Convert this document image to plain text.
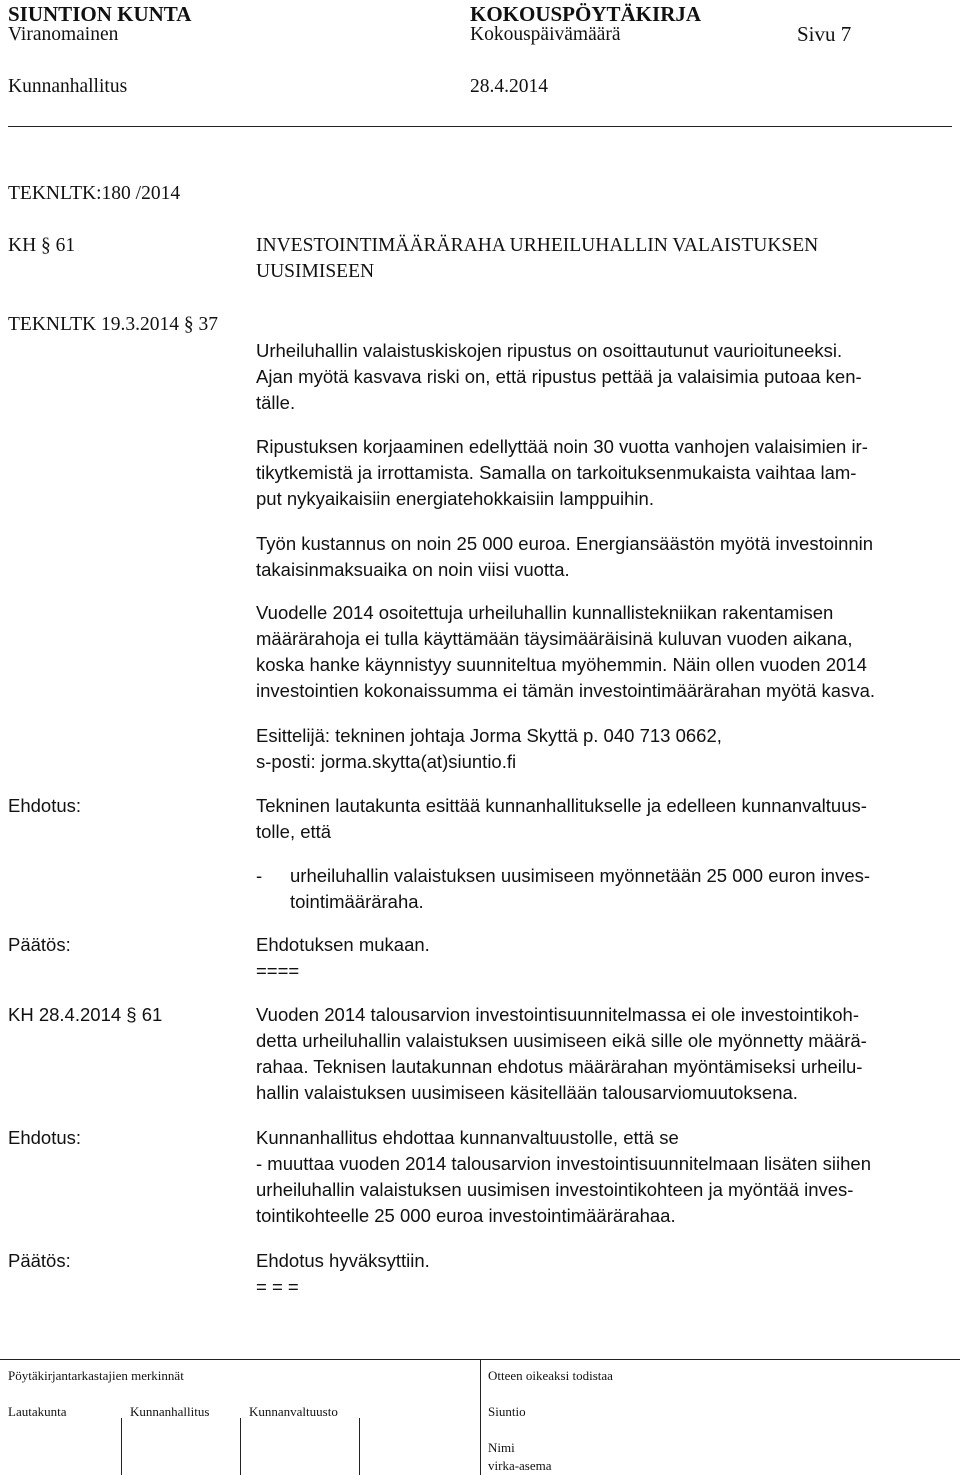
SIUNTION KUNTA	KOKOUSPÖYTÄKIRJA
Viranomainen	Kokouspäivämäärä	Sivu 7
Kunnanhallitus	28.4.2014
TEKNLTK:180 /2014
KH § 61	INVESTOINTIMÄÄRÄRAHA URHEILUHALLIN VALAISTUKSEN
UUSIMISEEN
TEKNLTK 19.3.2014 § 37
Urheiluhallin valaistuskiskojen ripustus on osoittautunut vaurioituneeksi.
Ajan myötä kasvava riski on, että ripustus pettää ja valaisimia putoaa ken-
tälle.
Ripustuksen korjaaminen edellyttää noin 30 vuotta vanhojen valaisimien ir-
tikytkemistä ja irrottamista. Samalla on tarkoituksenmukaista vaihtaa lam-
put nykyaikaisiin energiatehokkaisiin lamppuihin.
Työn kustannus on noin 25 000 euroa. Energiansäästön myötä investoinnin
takaisinmaksuaika on noin viisi vuotta.
Vuodelle 2014 osoitettuja urheiluhallin kunnallistekniikan rakentamisen
määrärahoja ei tulla käyttämään täysimääräisinä kuluvan vuoden aikana,
koska hanke käynnistyy suunniteltua myöhemmin. Näin ollen vuoden 2014
investointien kokonaissumma ei tämän investointimäärärahan myötä kasva.
Esittelijä: tekninen johtaja Jorma Skyttä p. 040 713 0662,
s-posti: jorma.skytta(at)siuntio.fi
Ehdotus:	Tekninen lautakunta esittää kunnanhallitukselle ja edelleen kunnanvaltuus-
tolle, että
- urheiluhallin valaistuksen uusimiseen myönnetään 25 000 euron inves-
tointimääräraha.
Päätös:	Ehdotuksen mukaan.
====
KH 28.4.2014 § 61	Vuoden 2014 talousarvion investointisuunnitelmassa ei ole investointikoh-
detta urheiluhallin valaistuksen uusimiseen eikä sille ole myönnetty määrä-
rahaa. Teknisen lautakunnan ehdotus määrärahan myöntämiseksi urheilu-
hallin valaistuksen uusimiseen käsitellään talousarviomuutoksena.
Ehdotus:	Kunnanhallitus ehdottaa kunnanvaltuustolle, että se
- muuttaa vuoden 2014 talousarvion investointisuunnitelmaan lisäten siihen
urheiluhallin valaistuksen uusimisen investointikohteen ja myöntää inves-
tointikohteelle 25 000 euroa investointimäärärahaa.
Päätös:	Ehdotus hyväksyttiin.
= = =
Pöytäkirjantarkastajien merkinnät	Otteen oikeaksi todistaa
Lautakunta	Kunnanhallitus	Kunnanvaltuusto	Siuntio
Nimi
virka-asema
